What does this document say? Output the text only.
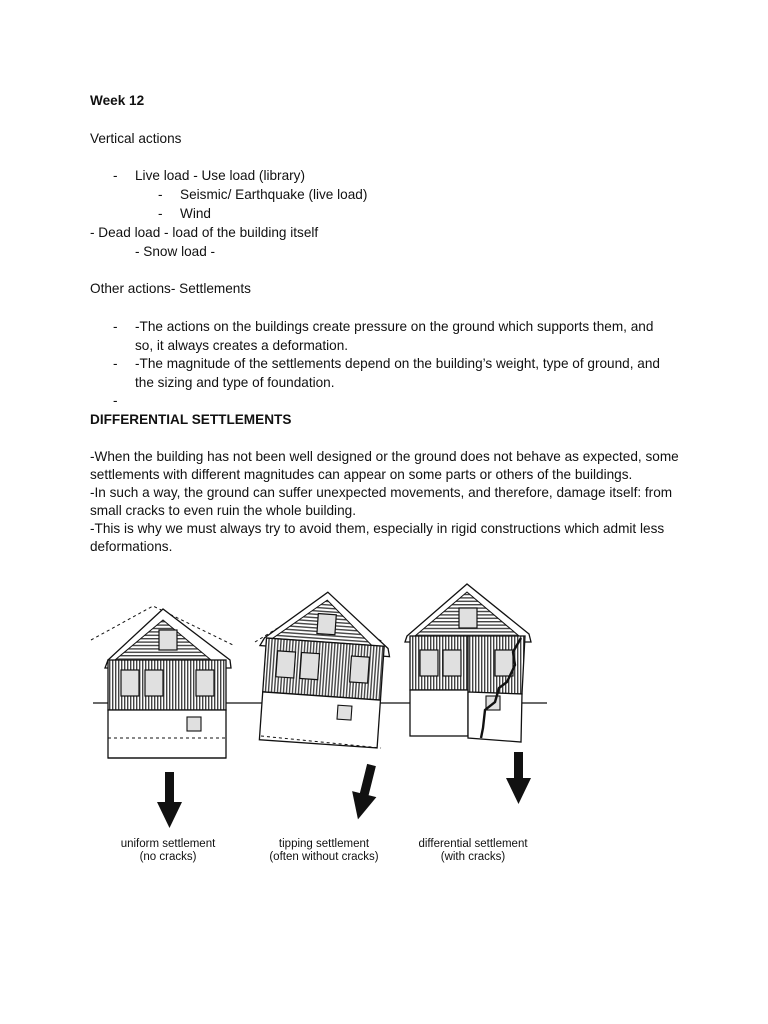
Week 12
Vertical actions
- Live load - Use load (library)
- Seismic/ Earthquake (live load)
- Wind
- Dead load - load of the building itself
- Snow load -
Other actions- Settlements
- -The actions on the buildings create pressure on the ground which supports them, and
so, it always creates a deformation.
- -The magnitude of the settlements depend on the building’s weight, type of ground, and
the sizing and type of foundation.
-
DIFFERENTIAL SETTLEMENTS
-When the building has not been well designed or the ground does not behave as expected, some settlements with different magnitudes can appear on some parts or others of the buildings.
-In such a way, the ground can suffer unexpected movements, and therefore, damage itself: from small cracks to even ruin the whole building.
-This is why we must always try to avoid them, especially in rigid constructions which admit less deformations.
uniform settlement
(no cracks)
tipping settlement
(often without cracks)
differential settlement
(with cracks)
